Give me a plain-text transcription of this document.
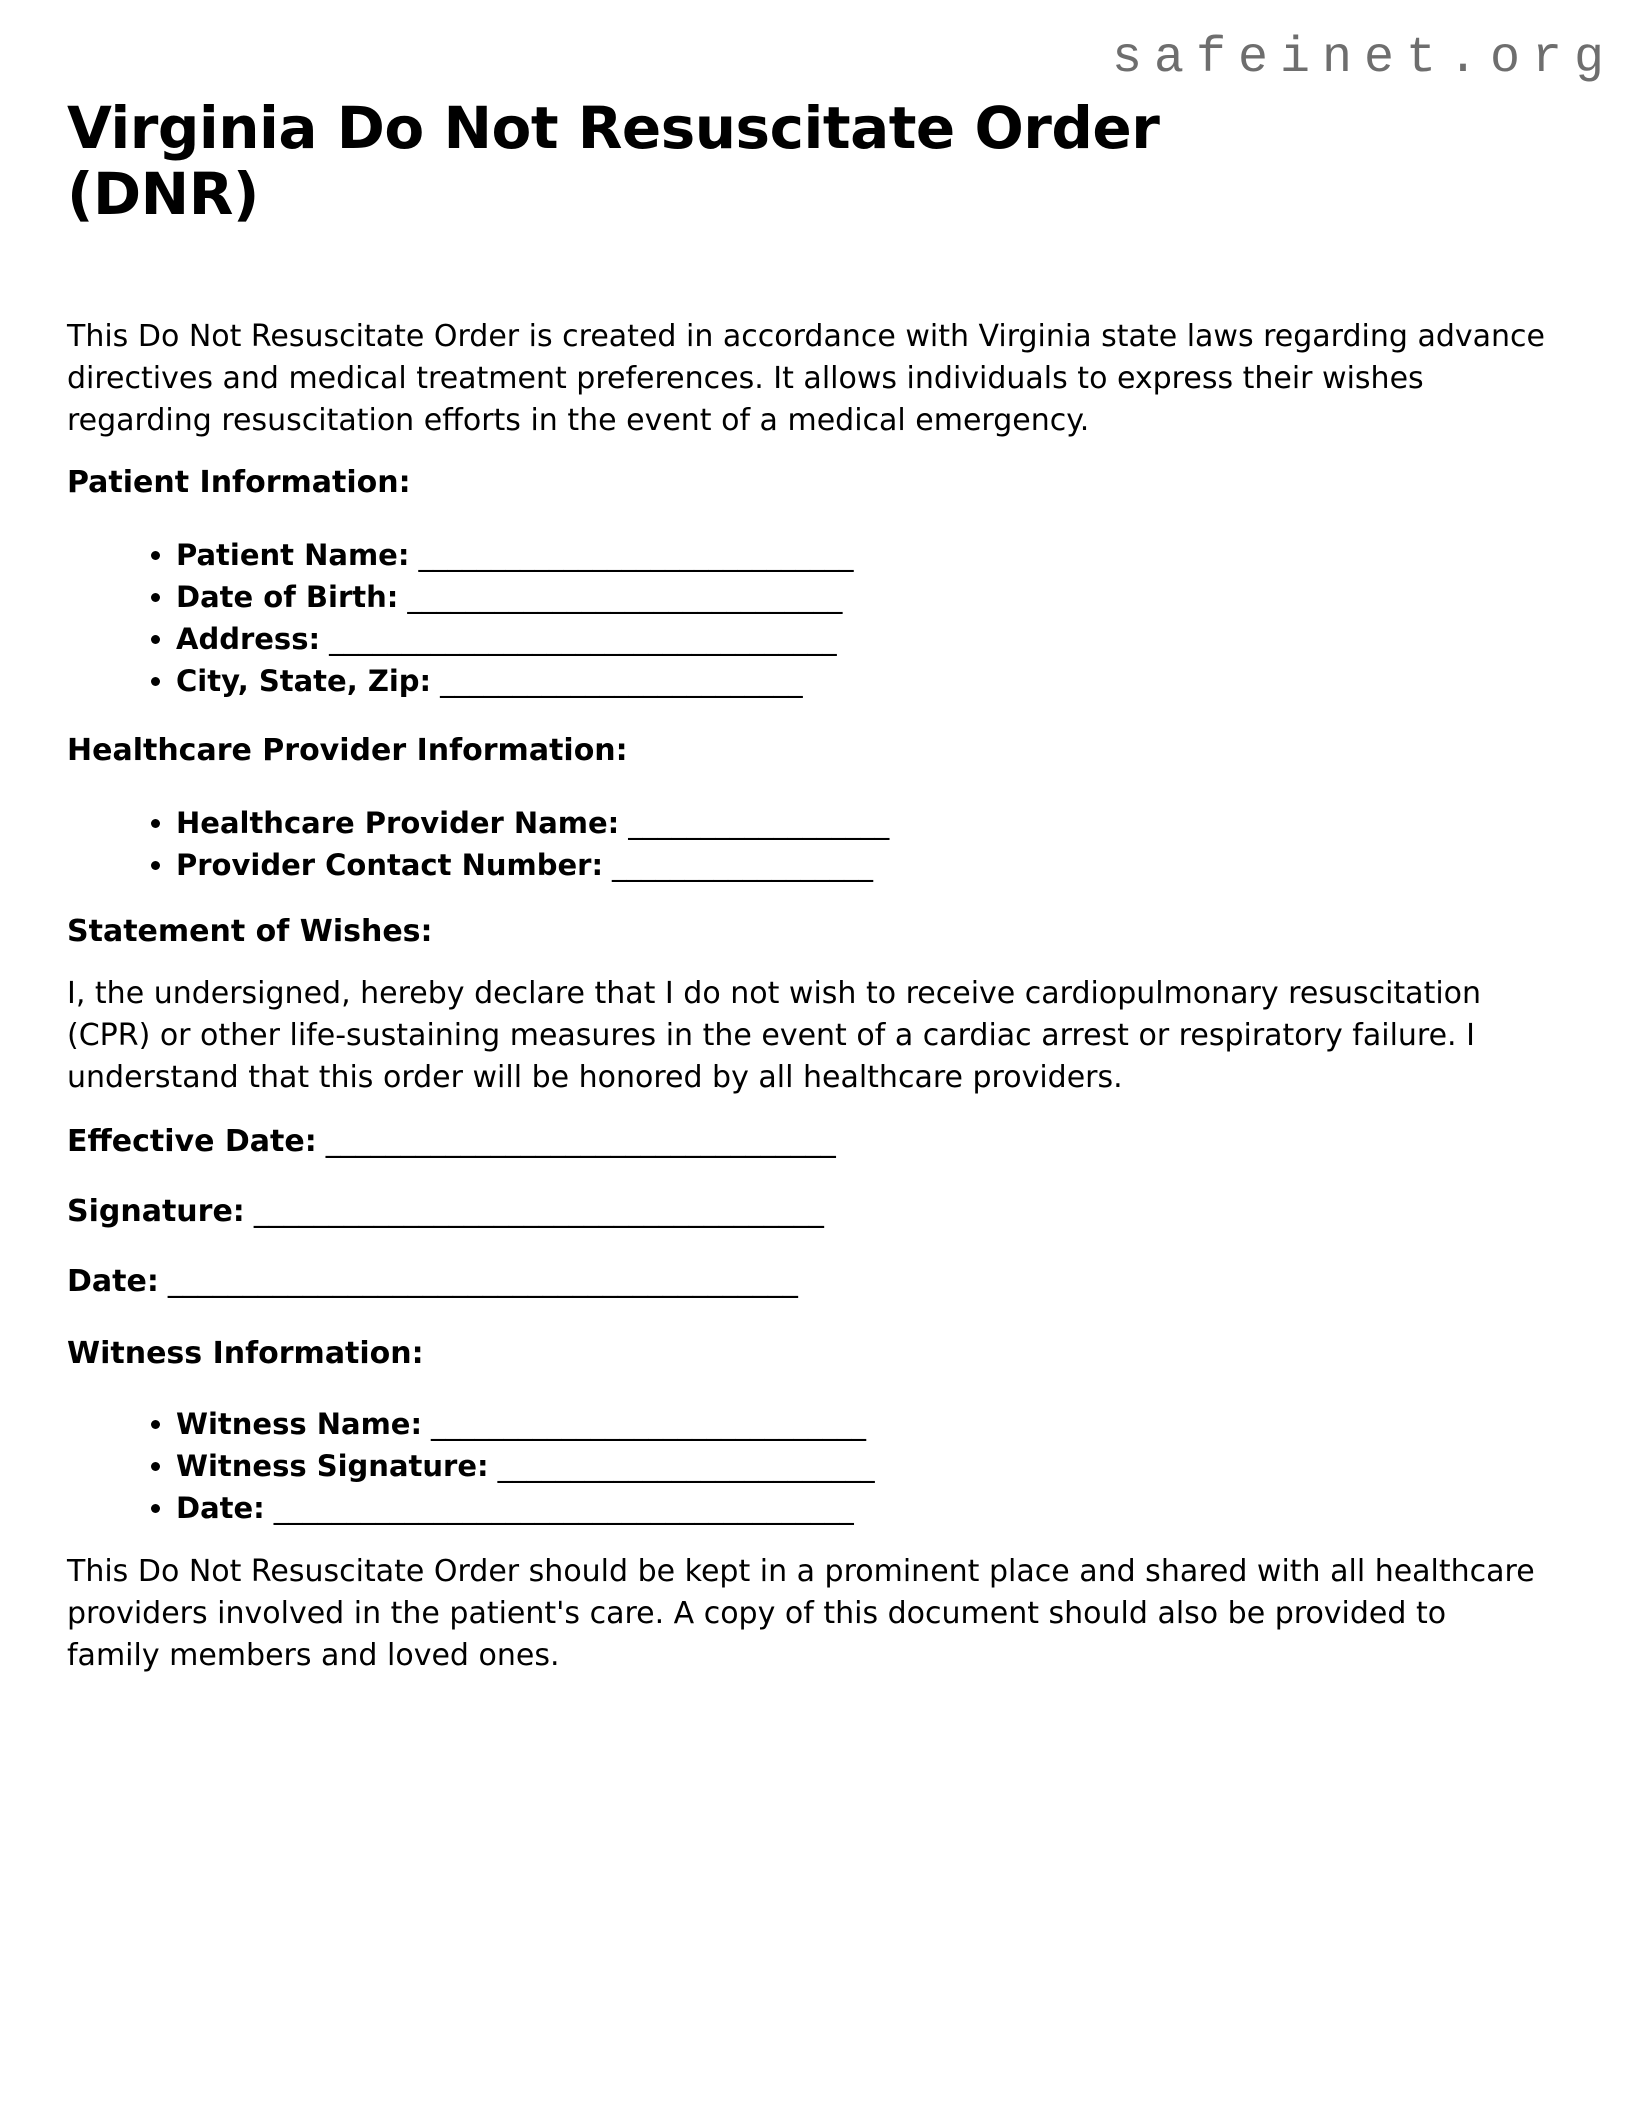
safeinet.org
Virginia Do Not Resuscitate Order
(DNR)

This Do Not Resuscitate Order is created in accordance with Virginia state laws regarding advance directives and medical treatment preferences. It allows individuals to express their wishes regarding resuscitation efforts in the event of a medical emergency.

Patient Information:
• Patient Name: ______________________________
• Date of Birth: ______________________________
• Address: ___________________________________
• City, State, Zip: _________________________
Healthcare Provider Information:
• Healthcare Provider Name: __________________
• Provider Contact Number: __________________
Statement of Wishes:

I, the undersigned, hereby declare that I do not wish to receive cardiopulmonary resuscitation (CPR) or other life-sustaining measures in the event of a cardiac arrest or respiratory failure. I understand that this order will be honored by all healthcare providers.

Effective Date: __________________________________
Signature: ______________________________________
Date: __________________________________________
Witness Information:
• Witness Name: ______________________________
• Witness Signature: __________________________
• Date: ________________________________________

This Do Not Resuscitate Order should be kept in a prominent place and shared with all healthcare providers involved in the patient's care. A copy of this document should also be provided to family members and loved ones.
